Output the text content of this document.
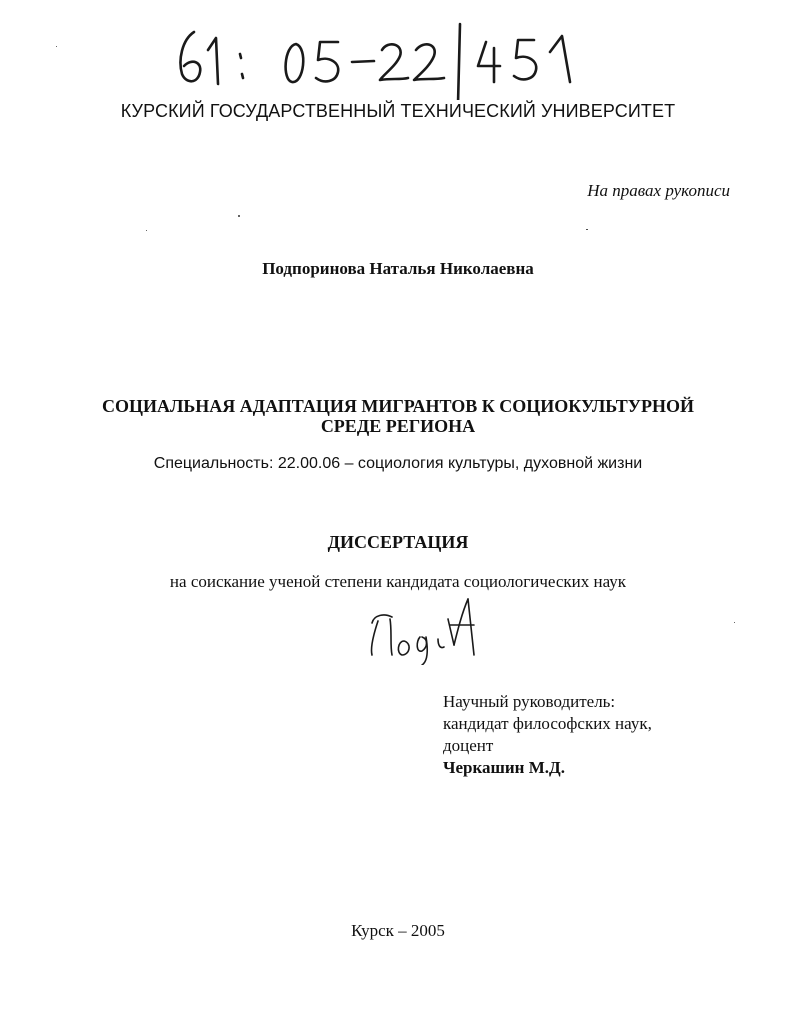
КУРСКИЙ ГОСУДАРСТВЕННЫЙ ТЕХНИЧЕСКИЙ УНИВЕРСИТЕТ
На правах рукописи
Подпоринова Наталья Николаевна
СОЦИАЛЬНАЯ АДАПТАЦИЯ МИГРАНТОВ К СОЦИОКУЛЬТУРНОЙ
СРЕДЕ РЕГИОНА
Специальность: 22.00.06 – социология культуры, духовной жизни
ДИССЕРТАЦИЯ
на соискание ученой степени кандидата социологических наук
Научный руководитель:
кандидат философских наук,
доцент
Черкашин М.Д.
Курск – 2005
